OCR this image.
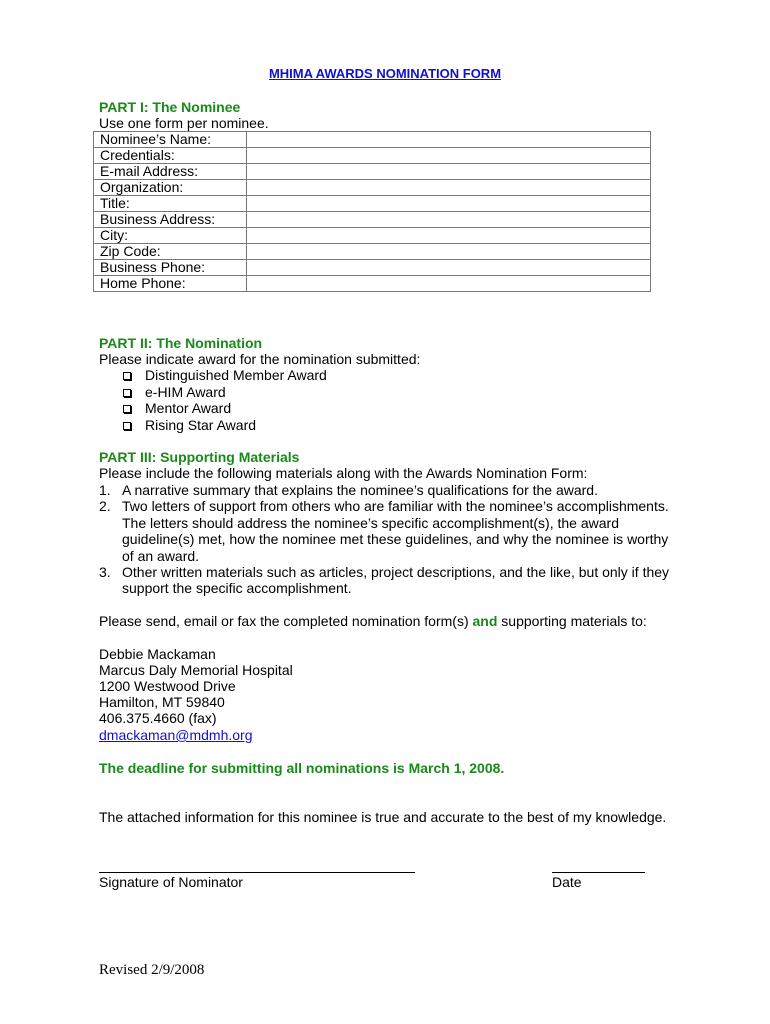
MHIMA AWARDS NOMINATION FORM
PART I: The Nominee
Use one form per nominee.
Nominee’s Name:	
Credentials:	
E-mail Address:	
Organization:	
Title:	
Business Address:	
City:	
Zip Code:	
Business Phone:	
Home Phone:	
PART II: The Nomination
Please indicate award for the nomination submitted:
Distinguished Member Award
e-HIM Award
Mentor Award
Rising Star Award
PART III: Supporting Materials
Please include the following materials along with the Awards Nomination Form:
1. A narrative summary that explains the nominee’s qualifications for the award.
2. Two letters of support from others who are familiar with the nominee’s accomplishments.
The letters should address the nominee’s specific accomplishment(s), the award
guideline(s) met, how the nominee met these guidelines, and why the nominee is worthy
of an award.
3. Other written materials such as articles, project descriptions, and the like, but only if they
support the specific accomplishment.
Please send, email or fax the completed nomination form(s) and supporting materials to:
Debbie Mackaman
Marcus Daly Memorial Hospital
1200 Westwood Drive
Hamilton, MT 59840
406.375.4660 (fax)
dmackaman@mdmh.org
The deadline for submitting all nominations is March 1, 2008.
The attached information for this nominee is true and accurate to the best of my knowledge.
Signature of Nominator	Date
Revised 2/9/2008
